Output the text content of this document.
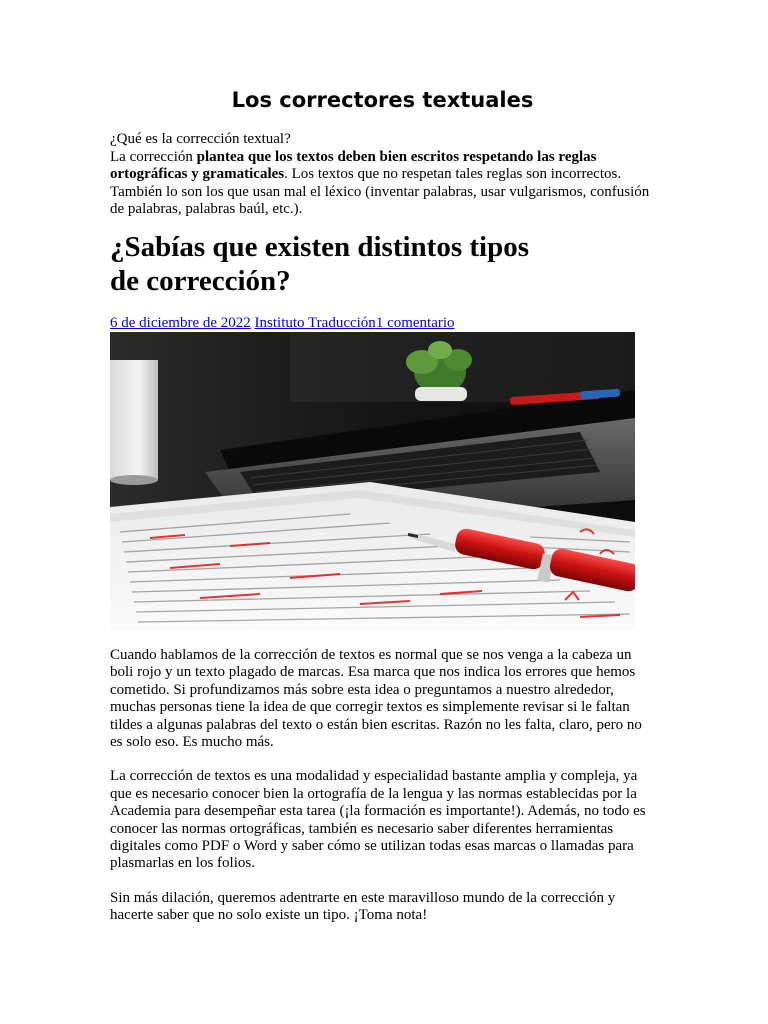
Los correctores textuales

¿Qué es la corrección textual?

La corrección plantea que los textos deben bien escritos respetando las reglas ortográficas y gramaticales. Los textos que no respetan tales reglas son incorrectos. También lo son los que usan mal el léxico (inventar palabras, usar vulgarismos, confusión de palabras, palabras baúl, etc.).

¿Sabías que existen distintos tipos
de corrección?
6 de diciembre de 2022 Instituto Traducción1 comentario

Cuando hablamos de la corrección de textos es normal que se nos venga a la cabeza un boli rojo y un texto plagado de marcas. Esa marca que nos indica los errores que hemos cometido. Si profundizamos más sobre esta idea o preguntamos a nuestro alrededor, muchas personas tiene la idea de que corregir textos es simplemente revisar si le faltan tildes a algunas palabras del texto o están bien escritas. Razón no les falta, claro, pero no es solo eso. Es mucho más.

La corrección de textos es una modalidad y especialidad bastante amplia y compleja, ya que es necesario conocer bien la ortografía de la lengua y las normas establecidas por la Academia para desempeñar esta tarea (¡la formación es importante!). Además, no todo es conocer las normas ortográficas, también es necesario saber diferentes herramientas digitales como PDF o Word y saber cómo se utilizan todas esas marcas o llamadas para plasmarlas en los folios.

Sin más dilación, queremos adentrarte en este maravilloso mundo de la corrección y hacerte saber que no solo existe un tipo. ¡Toma nota!
